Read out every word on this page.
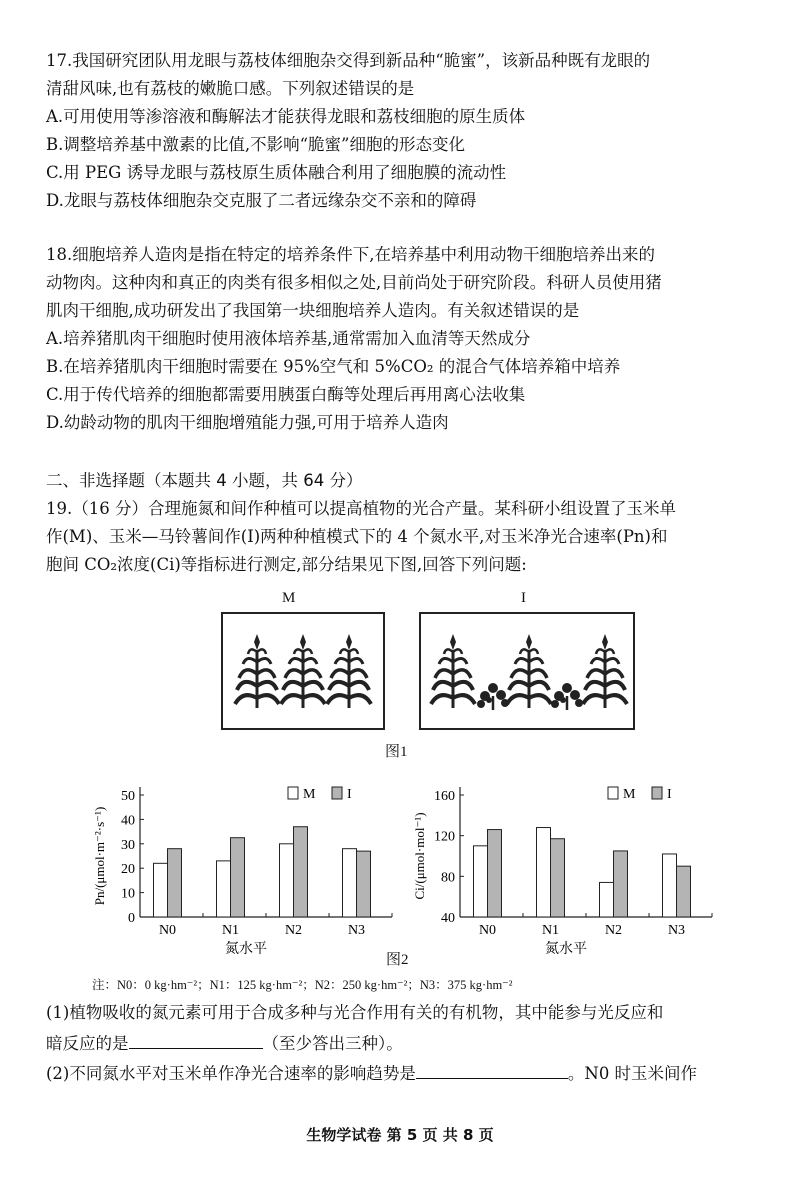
17.我国研究团队用龙眼与荔枝体细胞杂交得到新品种“脆蜜”，该新品种既有龙眼的
清甜风味,也有荔枝的嫩脆口感。下列叙述错误的是
A.可用使用等渗溶液和酶解法才能获得龙眼和荔枝细胞的原生质体
B.调整培养基中激素的比值,不影响“脆蜜”细胞的形态变化
C.用 PEG 诱导龙眼与荔枝原生质体融合利用了细胞膜的流动性
D.龙眼与荔枝体细胞杂交克服了二者远缘杂交不亲和的障碍
18.细胞培养人造肉是指在特定的培养条件下,在培养基中利用动物干细胞培养出来的
动物肉。这种肉和真正的肉类有很多相似之处,目前尚处于研究阶段。科研人员使用猪
肌肉干细胞,成功研发出了我国第一块细胞培养人造肉。有关叙述错误的是
A.培养猪肌肉干细胞时使用液体培养基,通常需加入血清等天然成分
B.在培养猪肌肉干细胞时需要在 95%空气和 5%CO₂ 的混合气体培养箱中培养
C.用于传代培养的细胞都需要用胰蛋白酶等处理后再用离心法收集
D.幼龄动物的肌肉干细胞增殖能力强,可用于培养人造肉
二、非选择题（本题共 4 小题，共 64 分）
19.（16 分）合理施氮和间作种植可以提高植物的光合产量。某科研小组设置了玉米单
作(M)、玉米—马铃薯间作(I)两种种植模式下的 4 个氮水平,对玉米净光合速率(Pn)和
胞间 CO₂浓度(Ci)等指标进行测定,部分结果见下图,回答下列问题:
M	I
图1
0
10
20
30
40
50
Pn/(μmol·m⁻²·s⁻¹)
N0	N1	N2	N3
氮水平
M I
40
80
120
160
Ci/(μmol·mol⁻¹)
N0	N1	N2	N3
氮水平
M I
图2
注：N0：0 kg·hm⁻²；N1：125 kg·hm⁻²；N2：250 kg·hm⁻²；N3：375 kg·hm⁻²
(1)植物吸收的氮元素可用于合成多种与光合作用有关的有机物，其中能参与光反应和
暗反应的是	（至少答出三种）。
(2)不同氮水平对玉米单作净光合速率的影响趋势是	。N0 时玉米间作
生物学试卷 第 5 页 共 8 页
